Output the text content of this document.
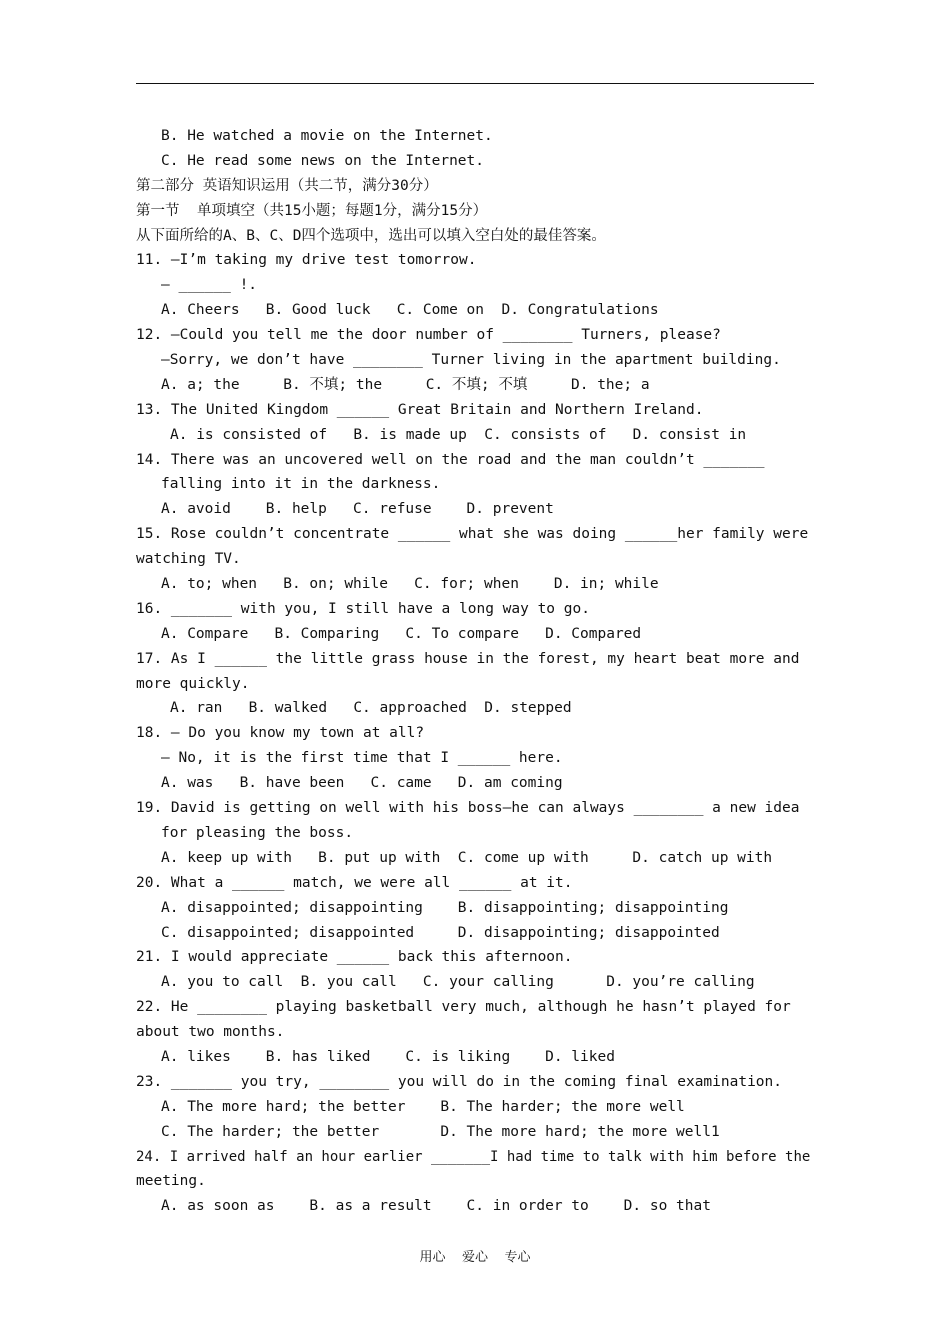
B. He watched a movie on the Internet.
C. He read some news on the Internet.
第二部分 英语知识运用（共二节，满分30分）
第一节  单项填空（共15小题；每题1分，满分15分）
从下面所给的A、B、C、D四个选项中，选出可以填入空白处的最佳答案。
11. —I’m taking my drive test tomorrow.
— ______ !.
A. Cheers   B. Good luck   C. Come on  D. Congratulations
12. —Could you tell me the door number of ________ Turners, please?
—Sorry, we don’t have ________ Turner living in the apartment building.
A. a; the     B. 不填; the     C. 不填; 不填     D. the; a
13. The United Kingdom ______ Great Britain and Northern Ireland.
A. is consisted of   B. is made up  C. consists of   D. consist in
14. There was an uncovered well on the road and the man couldn’t _______
falling into it in the darkness.
A. avoid    B. help   C. refuse    D. prevent
15. Rose couldn’t concentrate ______ what she was doing ______her family were
watching TV.
A. to; when   B. on; while   C. for; when    D. in; while
16. _______ with you, I still have a long way to go.
A. Compare   B. Comparing   C. To compare   D. Compared
17. As I ______ the little grass house in the forest, my heart beat more and
more quickly.
A. ran   B. walked   C. approached  D. stepped
18. — Do you know my town at all?
— No, it is the first time that I ______ here.
A. was   B. have been   C. came   D. am coming
19. David is getting on well with his boss—he can always ________ a new idea
for pleasing the boss.
A. keep up with   B. put up with  C. come up with     D. catch up with
20. What a ______ match, we were all ______ at it.
A. disappointed; disappointing    B. disappointing; disappointing
C. disappointed; disappointed     D. disappointing; disappointed
21. I would appreciate ______ back this afternoon.
A. you to call  B. you call   C. your calling      D. you’re calling
22. He ________ playing basketball very much, although he hasn’t played for
about two months.
A. likes    B. has liked    C. is liking    D. liked
23. _______ you try, ________ you will do in the coming final examination.
A. The more hard; the better    B. The harder; the more well
C. The harder; the better       D. The more hard; the more well1
24. I arrived half an hour earlier _______I had time to talk with him before the
meeting.
A. as soon as    B. as a result    C. in order to    D. so that
用心    爱心    专心
